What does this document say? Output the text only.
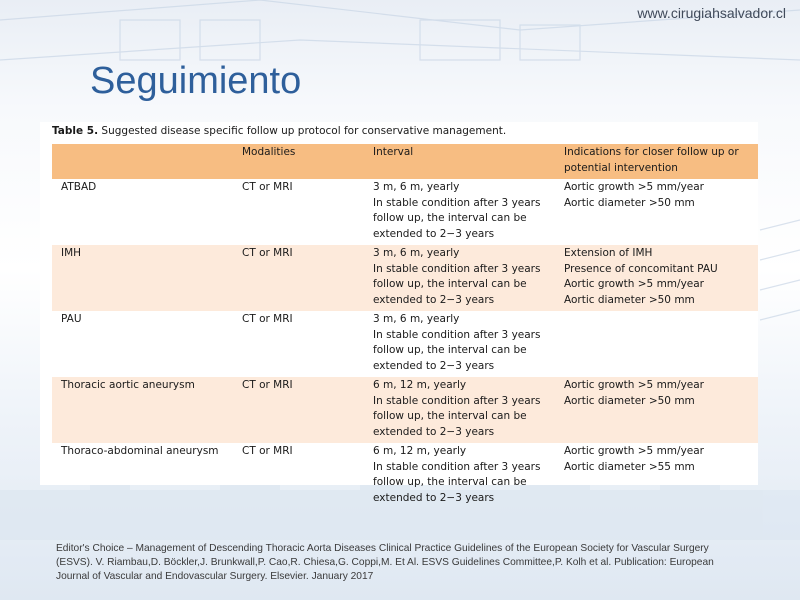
www.cirugiahsalvador.cl
Seguimiento
Table 5. Suggested disease specific follow up protocol for conservative management.
	Modalities	Interval	Indications for closer follow up or potential intervention
ATBAD	CT or MRI	3 m, 6 m, yearly
In stable condition after 3 years
follow up, the interval can be
extended to 2−3 years	Aortic growth >5 mm/year
Aortic diameter >50 mm

IMH	CT or MRI	3 m, 6 m, yearly
In stable condition after 3 years
follow up, the interval can be
extended to 2−3 years	Extension of IMH
Presence of concomitant PAU
Aortic growth >5 mm/year
Aortic diameter >50 mm

PAU	CT or MRI	3 m, 6 m, yearly
In stable condition after 3 years
follow up, the interval can be
extended to 2−3 years	

Thoracic aortic aneurysm	CT or MRI	6 m, 12 m, yearly
In stable condition after 3 years
follow up, the interval can be
extended to 2−3 years	Aortic growth >5 mm/year
Aortic diameter >50 mm

Thoraco-abdominal aneurysm	CT or MRI	6 m, 12 m, yearly
In stable condition after 3 years
follow up, the interval can be
extended to 2−3 years	Aortic growth >5 mm/year
Aortic diameter >55 mm
Editor's Choice – Management of Descending Thoracic Aorta Diseases Clinical Practice Guidelines of the European Society for Vascular Surgery (ESVS). V. Riambau,D. Böckler,J. Brunkwall,P. Cao,R. Chiesa,G. Coppi,M. Et Al. ESVS Guidelines Committee,P. Kolh et al. Publication: European Journal of Vascular and Endovascular Surgery. Elsevier. January 2017
